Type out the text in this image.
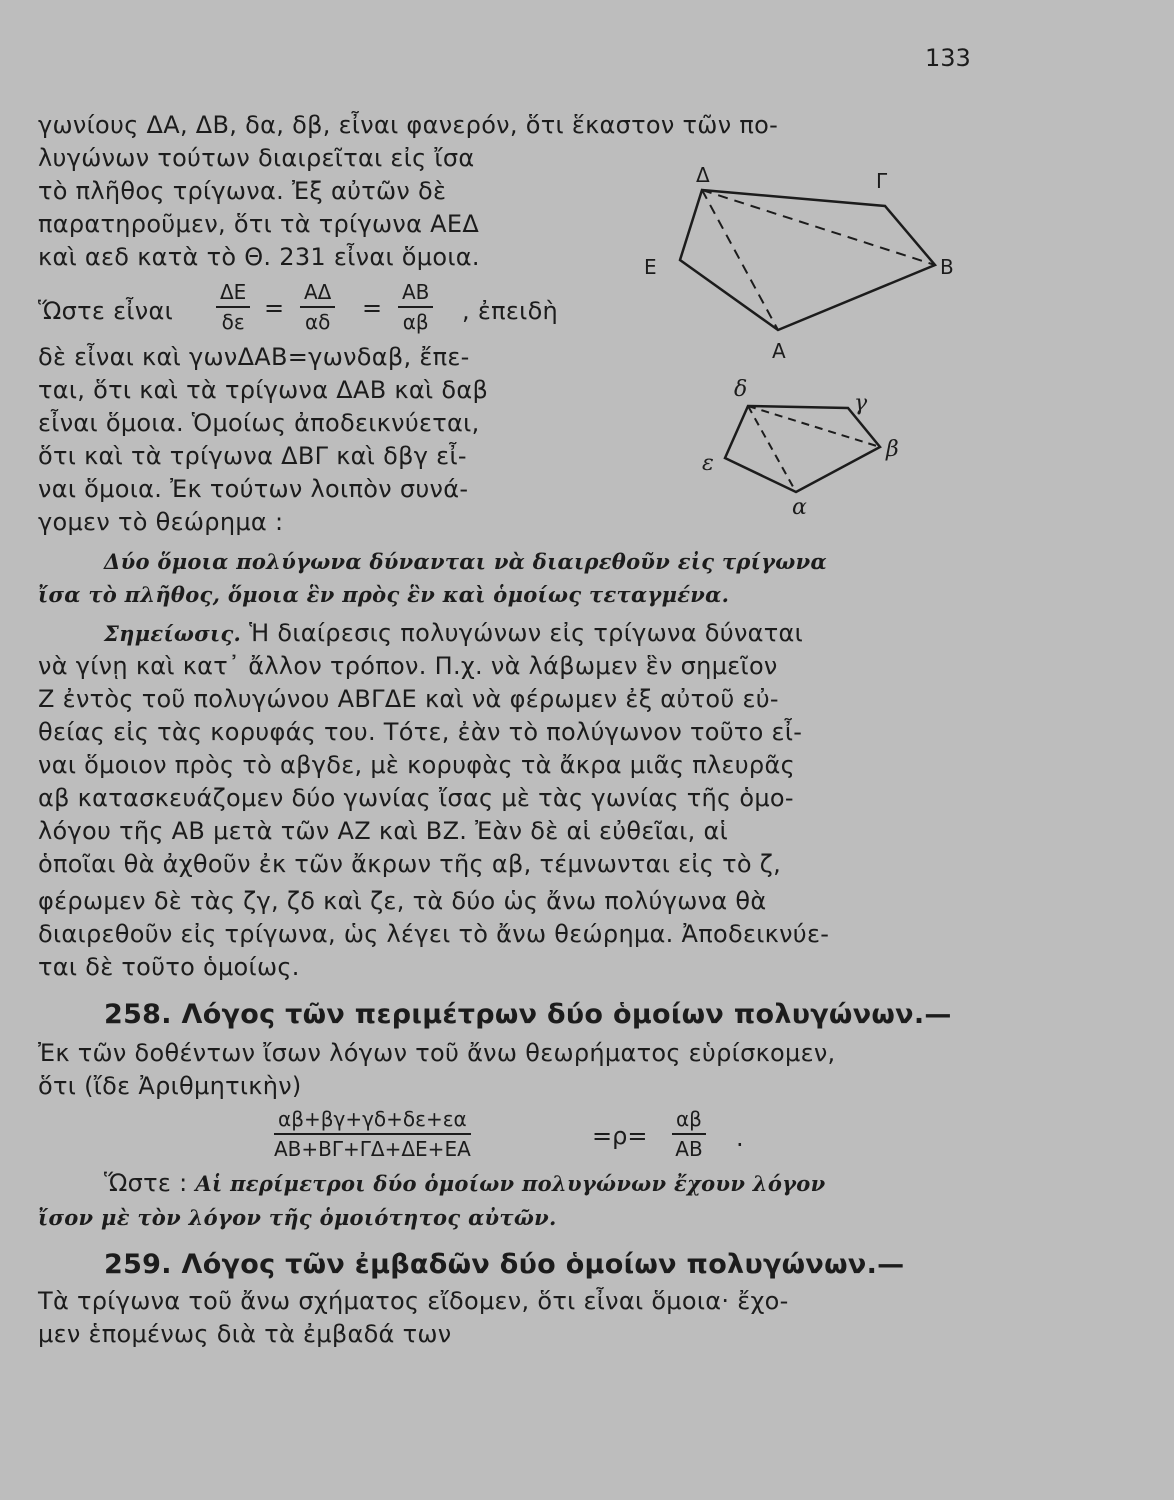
133
γωνίους ΔΑ, ΔΒ, δα, δβ, εἶναι φανερόν, ὅτι ἕκαστον τῶν πο-
λυγώνων τούτων διαιρεῖται εἰς ἴσα
τὸ πλῆθος τρίγωνα. Ἐξ αὐτῶν δὲ
παρατηροῦμεν, ὅτι τὰ τρίγωνα ΑΕΔ
καὶ αεδ κατὰ τὸ Θ. 231 εἶναι ὅμοια.
Ὥστε εἶναι $\frac{\Delta E}{\delta\varepsilon} = \frac{A\Delta}{\alpha\delta} = \frac{AB}{\alpha\beta}$ , ἐπειδὴ
δὲ εἶναι καὶ γωνΔΑΒ=γωνδαβ, ἔπε-
ται, ὅτι καὶ τὰ τρίγωνα ΔΑΒ καὶ δαβ
εἶναι ὅμοια. Ὁμοίως ἀποδεικνύεται,
ὅτι καὶ τὰ τρίγωνα ΔΒΓ καὶ δβγ εἶ-
ναι ὅμοια. Ἐκ τούτων λοιπὸν συνά-
γομεν τὸ θεώρημα :
Δύο ὅμοια πολύγωνα δύνανται νὰ διαιρεθοῦν εἰς τρίγωνα
ἴσα τὸ πλῆθος, ὅμοια ἓν πρὸς ἓν καὶ ὁμοίως τεταγμένα.
Σημείωσις. Ἡ διαίρεσις πολυγώνων εἰς τρίγωνα δύναται
νὰ γίνῃ καὶ κατ᾽ ἄλλον τρόπον. Π.χ. νὰ λάβωμεν ἓν σημεῖον
Ζ ἐντὸς τοῦ πολυγώνου ΑΒΓΔΕ καὶ νὰ φέρωμεν ἐξ αὐτοῦ εὐ-
θείας εἰς τὰς κορυφάς του. Τότε, ἐὰν τὸ πολύγωνον τοῦτο εἶ-
ναι ὅμοιον πρὸς τὸ αβγδε, μὲ κορυφὰς τὰ ἄκρα μιᾶς πλευρᾶς
αβ κατασκευάζομεν δύο γωνίας ἴσας μὲ τὰς γωνίας τῆς ὁμο-
λόγου τῆς ΑΒ μετὰ τῶν ΑΖ καὶ ΒΖ. Ἐὰν δὲ αἱ εὐθεῖαι, αἱ
ὁποῖαι θὰ ἀχθοῦν ἐκ τῶν ἄκρων τῆς αβ, τέμνωνται εἰς τὸ ζ,
φέρωμεν δὲ τὰς ζγ, ζδ καὶ ζε, τὰ δύο ὡς ἄνω πολύγωνα θὰ
διαιρεθοῦν εἰς τρίγωνα, ὡς λέγει τὸ ἄνω θεώρημα. Ἀποδεικνύε-
ται δὲ τοῦτο ὁμοίως.
258. Λόγος τῶν περιμέτρων δύο ὁμοίων πολυγώνων.—
Ἐκ τῶν δοθέντων ἴσων λόγων τοῦ ἄνω θεωρήματος εὑρίσκομεν,
ὅτι (ἴδε Ἀριθμητικὴν)
$\frac{\alpha\beta+\beta\gamma+\gamma\delta+\delta\varepsilon+\varepsilon\alpha}{AB+B\Gamma+\Gamma\Delta+\Delta E+EA}$	$=\rho= \frac{\alpha\beta}{AB}$ .
Ὥστε : Αἱ περίμετροι δύο ὁμοίων πολυγώνων ἔχουν λόγον
ἴσον μὲ τὸν λόγον τῆς ὁμοιότητος αὐτῶν.
259. Λόγος τῶν ἐμβαδῶν δύο ὁμοίων πολυγώνων.—
Τὰ τρίγωνα τοῦ ἄνω σχήματος εἴδομεν, ὅτι εἶναι ὅμοια· ἔχο-
μεν ἑπομένως διὰ τὰ ἐμβαδά των
Δ	Γ
Ε	Β
Α
δ
γ
ε
β
α
